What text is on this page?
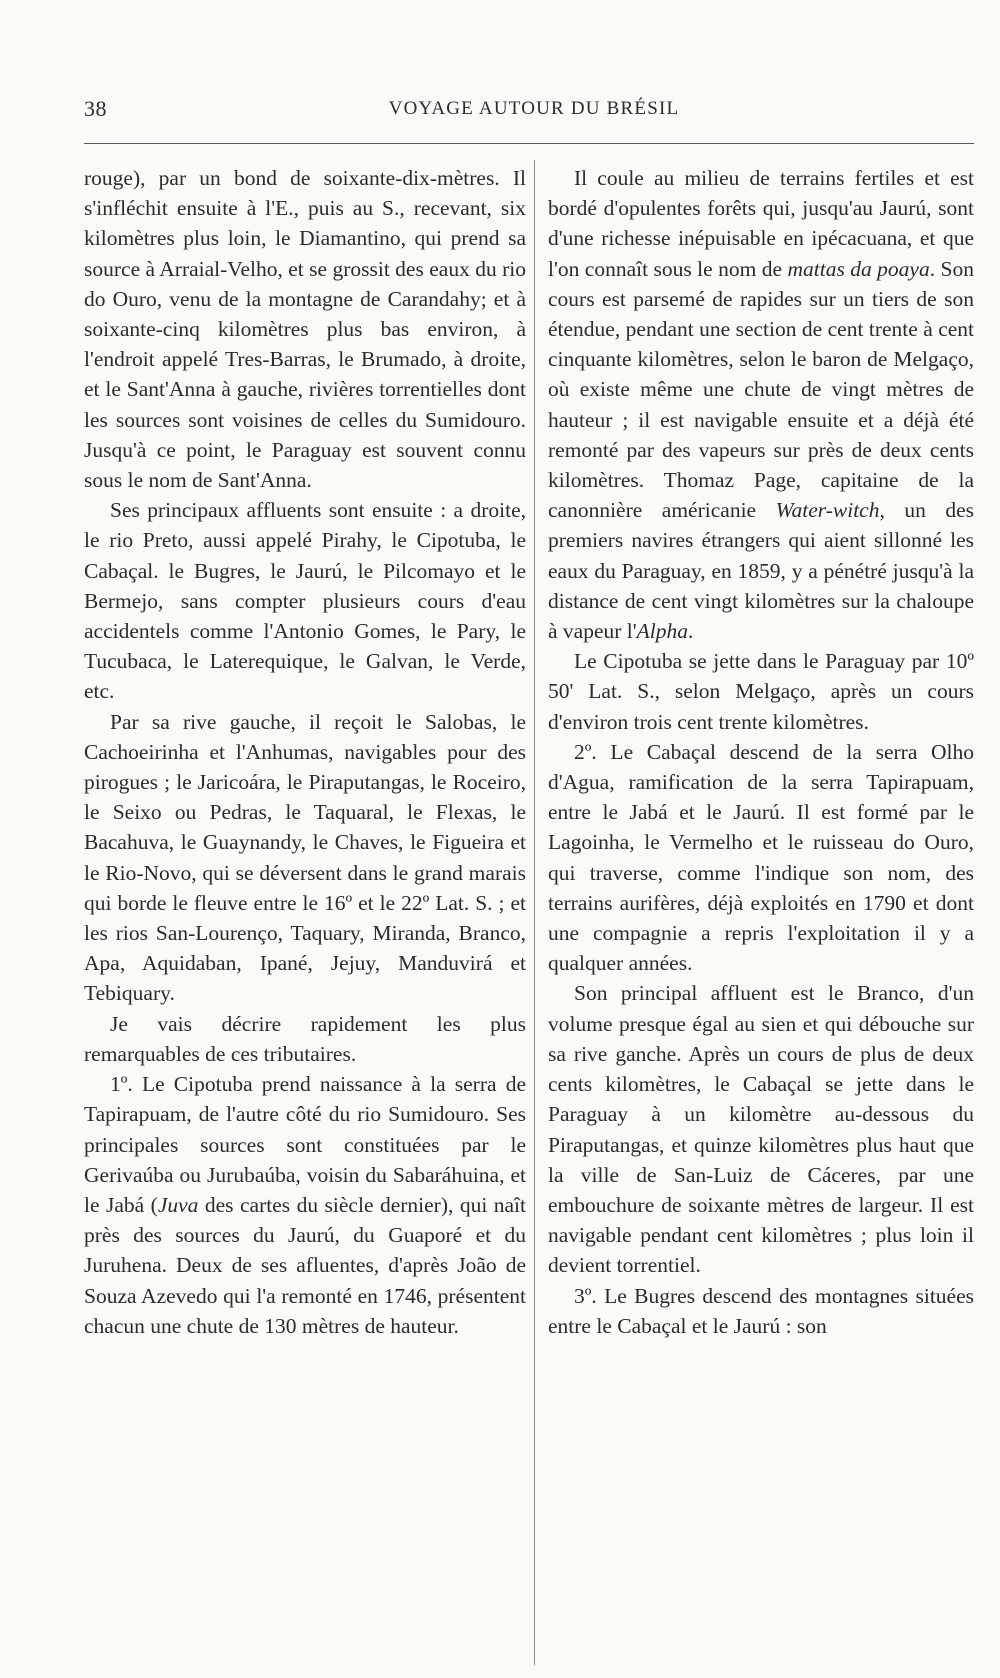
38	VOYAGE AUTOUR DU BRÉSIL

rouge), par un bond de soixante-dix-mètres. Il s'infléchit ensuite à l'E., puis au S., recevant, six kilomètres plus loin, le Diamantino, qui prend sa source à Arraial-Velho, et se grossit des eaux du rio do Ouro, venu de la montagne de Carandahy; et à soixante-cinq kilomètres plus bas environ, à l'endroit appelé Tres-Barras, le Brumado, à droite, et le Sant'Anna à gauche, rivières torrentielles dont les sources sont voisines de celles du Sumidouro. Jusqu'à ce point, le Paraguay est souvent connu sous le nom de Sant'Anna.

Ses principaux affluents sont ensuite : a droite, le rio Preto, aussi appelé Pirahy, le Cipotuba, le Cabaçal. le Bugres, le Jaurú, le Pilcomayo et le Bermejo, sans compter plusieurs cours d'eau accidentels comme l'Antonio Gomes, le Pary, le Tucubaca, le Laterequique, le Galvan, le Verde, etc.

Par sa rive gauche, il reçoit le Salobas, le Cachoeirinha et l'Anhumas, navigables pour des pirogues ; le Jaricoára, le Piraputangas, le Roceiro, le Seixo ou Pedras, le Taquaral, le Flexas, le Bacahuva, le Guaynandy, le Chaves, le Figueira et le Rio-Novo, qui se déversent dans le grand marais qui borde le fleuve entre le 16º et le 22º Lat. S. ; et les rios San-Lourenço, Taquary, Miranda, Branco, Apa, Aquidaban, Ipané, Jejuy, Manduvirá et Tebiquary.

Je vais décrire rapidement les plus remarquables de ces tributaires.

1º. Le Cipotuba prend naissance à la serra de Tapirapuam, de l'autre côté du rio Sumidouro. Ses principales sources sont constituées par le Gerivaúba ou Jurubaúba, voisin du Sabaráhuina, et le Jabá (Juva des cartes du siècle dernier), qui naît près des sources du Jaurú, du Guaporé et du Juruhena. Deux de ses afluentes, d'après João de Souza Azevedo qui l'a remonté en 1746, présentent chacun une chute de 130 mètres de hauteur.

Il coule au milieu de terrains fertiles et est bordé d'opulentes forêts qui, jusqu'au Jaurú, sont d'une richesse inépuisable en ipécacuana, et que l'on connaît sous le nom de mattas da poaya. Son cours est parsemé de rapides sur un tiers de son étendue, pendant une section de cent trente à cent cinquante kilomètres, selon le baron de Melgaço, où existe même une chute de vingt mètres de hauteur ; il est navigable ensuite et a déjà été remonté par des vapeurs sur près de deux cents kilomètres. Thomaz Page, capitaine de la canonnière américanie Water-witch, un des premiers navires étrangers qui aient sillonné les eaux du Paraguay, en 1859, y a pénétré jusqu'à la distance de cent vingt kilomètres sur la chaloupe à vapeur l'Alpha.

Le Cipotuba se jette dans le Paraguay par 10º 50' Lat. S., selon Melgaço, après un cours d'environ trois cent trente kilomètres.

2º. Le Cabaçal descend de la serra Olho d'Agua, ramification de la serra Tapirapuam, entre le Jabá et le Jaurú. Il est formé par le Lagoinha, le Vermelho et le ruisseau do Ouro, qui traverse, comme l'indique son nom, des terrains aurifères, déjà exploités en 1790 et dont une compagnie a repris l'exploitation il y a qualquer années.

Son principal affluent est le Branco, d'un volume presque égal au sien et qui débouche sur sa rive ganche. Après un cours de plus de deux cents kilomètres, le Cabaçal se jette dans le Paraguay à un kilomètre au-dessous du Piraputangas, et quinze kilomètres plus haut que la ville de San-Luiz de Cáceres, par une embouchure de soixante mètres de largeur. Il est navigable pendant cent kilomètres ; plus loin il devient torrentiel.

3º. Le Bugres descend des montagnes situées entre le Cabaçal et le Jaurú : son
